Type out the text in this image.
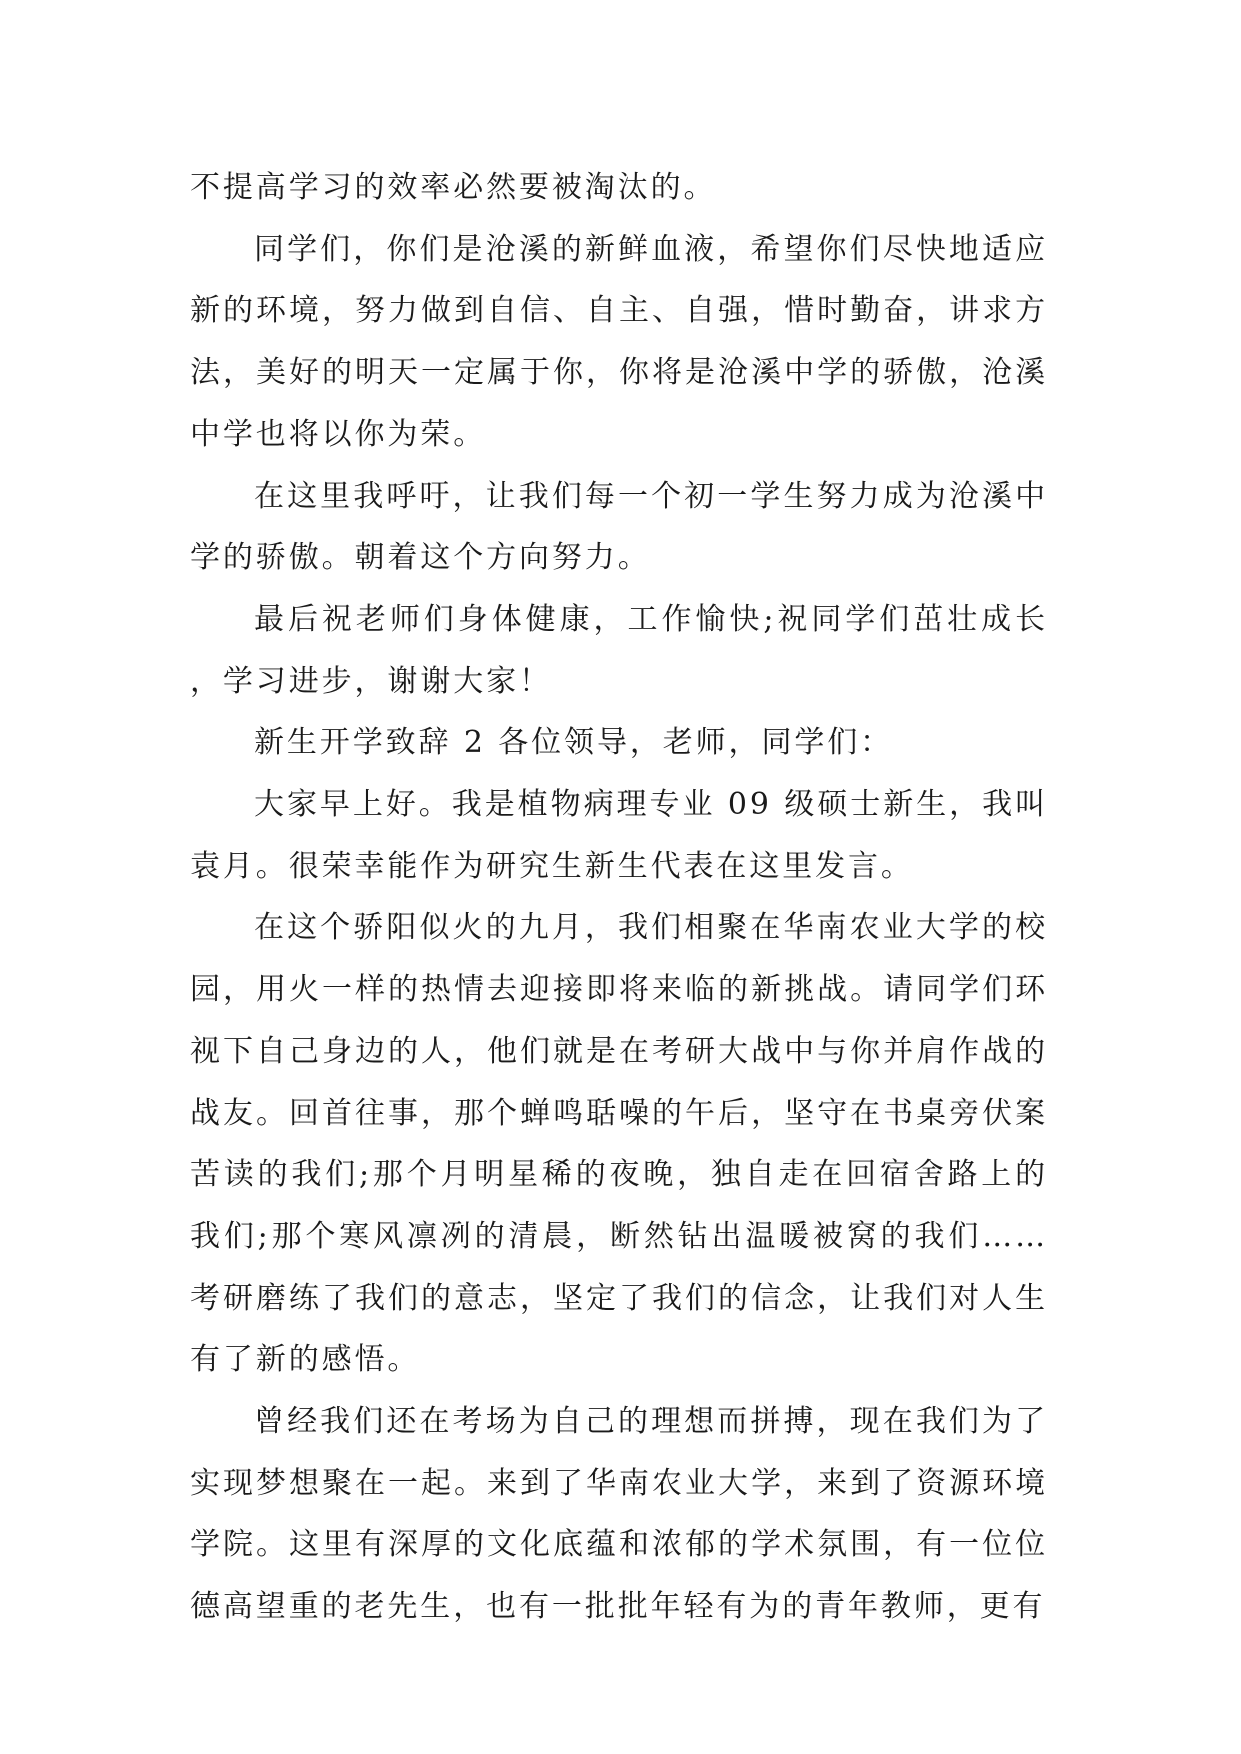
不提高学习的效率必然要被淘汰的。

同学们，你们是沧溪的新鲜血液，希望你们尽快地适应新的环境，努力做到自信、自主、自强，惜时勤奋，讲求方法，美好的明天一定属于你，你将是沧溪中学的骄傲，沧溪中学也将以你为荣。

在这里我呼吁，让我们每一个初一学生努力成为沧溪中学的骄傲。朝着这个方向努力。

最后祝老师们身体健康，工作愉快;祝同学们茁壮成长，学习进步，谢谢大家！

新生开学致辞 2 各位领导，老师，同学们：

大家早上好。我是植物病理专业 09 级硕士新生，我叫袁月。很荣幸能作为研究生新生代表在这里发言。

在这个骄阳似火的九月，我们相聚在华南农业大学的校园，用火一样的热情去迎接即将来临的新挑战。请同学们环视下自己身边的人，他们就是在考研大战中与你并肩作战的战友。回首往事，那个蝉鸣聒噪的午后，坚守在书桌旁伏案苦读的我们;那个月明星稀的夜晚，独自走在回宿舍路上的我们;那个寒风凛冽的清晨，断然钻出温暖被窝的我们……考研磨练了我们的意志，坚定了我们的信念，让我们对人生有了新的感悟。

曾经我们还在考场为自己的理想而拼搏，现在我们为了实现梦想聚在一起。来到了华南农业大学，来到了资源环境学院。这里有深厚的文化底蕴和浓郁的学术氛围，有一位位德高望重的老先生，也有一批批年轻有为的青年教师，更有
